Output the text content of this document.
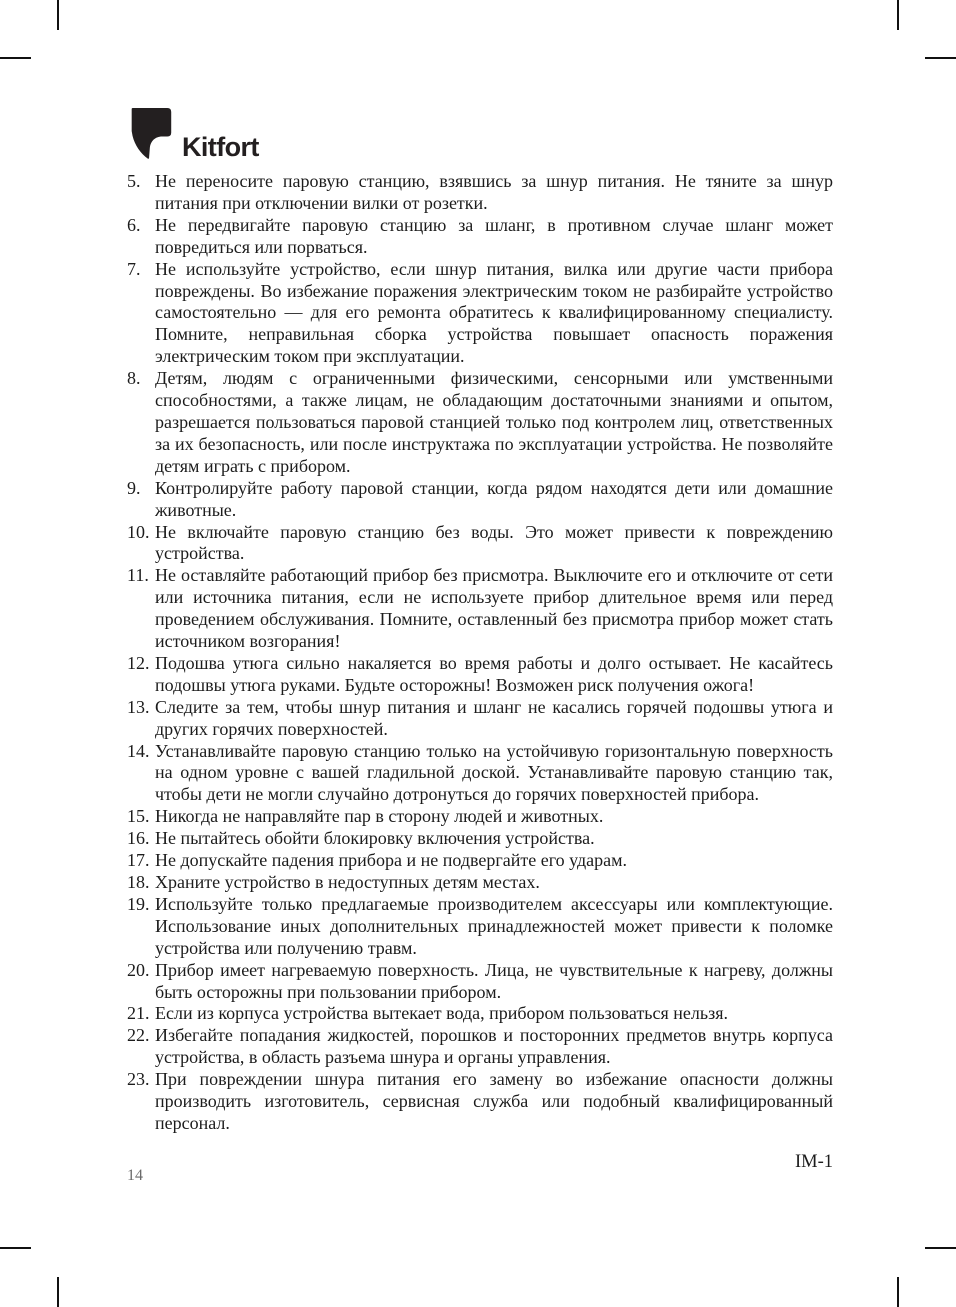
Kitfort
5. Не переносите паровую станцию, взявшись за шнур питания. Не тяните за шнур питания при отключении вилки от розетки.
6. Не передвигайте паровую станцию за шланг, в противном случае шланг может повредиться или порваться.
7. Не используйте устройство, если шнур питания, вилка или другие части прибора повреждены. Во избежание поражения электрическим током не разбирайте устройство самостоятельно — для его ремонта обратитесь к квалифицированному специалисту. Помните, неправильная сборка устройства повышает опасность поражения электрическим током при эксплуатации.
8. Детям, людям с ограниченными физическими, сенсорными или умственными способностями, а также лицам, не обладающим достаточными знаниями и опытом, разрешается пользоваться паровой станцией только под контролем лиц, ответственных за их безопасность, или после инструктажа по эксплуатации устройства. Не позволяйте детям играть с прибором.
9. Контролируйте работу паровой станции, когда рядом находятся дети или домашние животные.
10. Не включайте паровую станцию без воды. Это может привести к повреждению устройства.
11. Не оставляйте работающий прибор без присмотра. Выключите его и отключите от сети или источника питания, если не используете прибор длительное время или перед проведением обслуживания. Помните, оставленный без присмотра прибор может стать источником возгорания!
12. Подошва утюга сильно накаляется во время работы и долго остывает. Не касайтесь подошвы утюга руками. Будьте осторожны! Возможен риск получения ожога!
13. Следите за тем, чтобы шнур питания и шланг не касались горячей подошвы утюга и других горячих поверхностей.
14. Устанавливайте паровую станцию только на устойчивую горизонтальную поверхность на одном уровне с вашей гладильной доской. Устанавливайте паровую станцию так, чтобы дети не могли случайно дотронуться до горячих поверхностей прибора.
15. Никогда не направляйте пар в сторону людей и животных.
16. Не пытайтесь обойти блокировку включения устройства.
17. Не допускайте падения прибора и не подвергайте его ударам.
18. Храните устройство в недоступных детям местах.
19. Используйте только предлагаемые производителем аксессуары или комплектующие. Использование иных дополнительных принадлежностей может привести к поломке устройства или получению травм.
20. Прибор имеет нагреваемую поверхность. Лица, не чувствительные к нагреву, должны быть осторожны при пользовании прибором.
21. Если из корпуса устройства вытекает вода, прибором пользоваться нельзя.
22. Избегайте попадания жидкостей, порошков и посторонних предметов внутрь корпуса устройства, в область разъема шнура и органы управления.
23. При повреждении шнура питания его замену во избежание опасности должны производить изготовитель, сервисная служба или подобный квалифицированный персонал.
IM-1
14
